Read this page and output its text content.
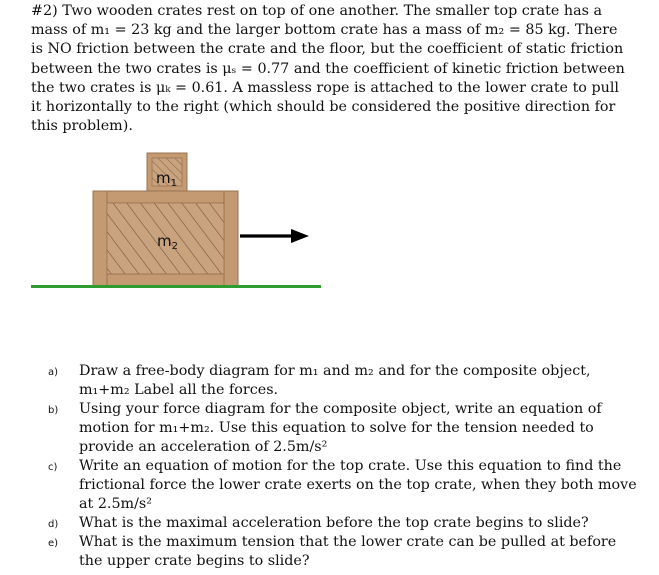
#2) Two wooden crates rest on top of one another. The smaller top crate has a mass of m₁ = 23 kg and the larger bottom crate has a mass of m₂ = 85 kg. There is NO friction between the crate and the floor, but the coefficient of static friction between the two crates is μₛ = 0.77 and the coefficient of kinetic friction between the two crates is μₖ = 0.61. A massless rope is attached to the lower crate to pull it horizontally to the right (which should be considered the positive direction for this problem).

$m_1$
$m_2$
a) Draw a free-body diagram for m₁ and m₂ and for the composite object, m₁+m₂ Label all the forces.
b) Using your force diagram for the composite object, write an equation of motion for m₁+m₂. Use this equation to solve for the tension needed to provide an acceleration of 2.5m/s²
c) Write an equation of motion for the top crate. Use this equation to find the frictional force the lower crate exerts on the top crate, when they both move at 2.5m/s²
d) What is the maximal acceleration before the top crate begins to slide?
e) What is the maximum tension that the lower crate can be pulled at before the upper crate begins to slide?
